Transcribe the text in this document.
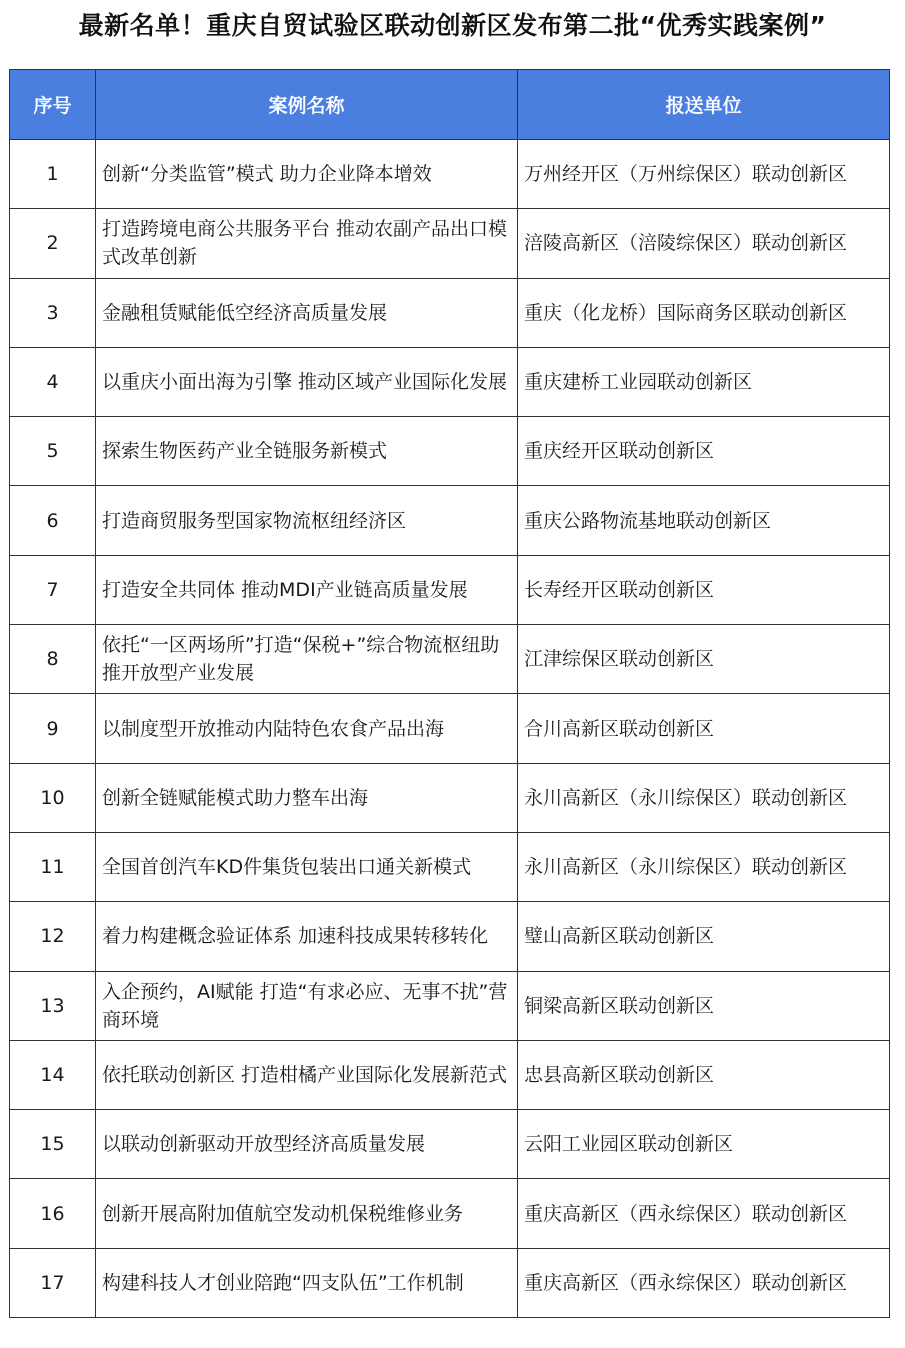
最新名单！重庆自贸试验区联动创新区发布第二批“优秀实践案例”
序号	案例名称	报送单位
1	创新“分类监管”模式 助力企业降本增效	万州经开区（万州综保区）联动创新区
2	打造跨境电商公共服务平台 推动农副产品出口模式改革创新	涪陵高新区（涪陵综保区）联动创新区
3	金融租赁赋能低空经济高质量发展	重庆（化龙桥）国际商务区联动创新区
4	以重庆小面出海为引擎 推动区域产业国际化发展	重庆建桥工业园联动创新区
5	探索生物医药产业全链服务新模式	重庆经开区联动创新区
6	打造商贸服务型国家物流枢纽经济区	重庆公路物流基地联动创新区
7	打造安全共同体 推动MDI产业链高质量发展	长寿经开区联动创新区
8	依托“一区两场所”打造“保税+”综合物流枢纽助推开放型产业发展	江津综保区联动创新区
9	以制度型开放推动内陆特色农食产品出海	合川高新区联动创新区
10	创新全链赋能模式助力整车出海	永川高新区（永川综保区）联动创新区
11	全国首创汽车KD件集货包装出口通关新模式	永川高新区（永川综保区）联动创新区
12	着力构建概念验证体系 加速科技成果转移转化	璧山高新区联动创新区
13	入企预约，AI赋能 打造“有求必应、无事不扰”营商环境	铜梁高新区联动创新区
14	依托联动创新区 打造柑橘产业国际化发展新范式	忠县高新区联动创新区
15	以联动创新驱动开放型经济高质量发展	云阳工业园区联动创新区
16	创新开展高附加值航空发动机保税维修业务	重庆高新区（西永综保区）联动创新区
17	构建科技人才创业陪跑“四支队伍”工作机制	重庆高新区（西永综保区）联动创新区
